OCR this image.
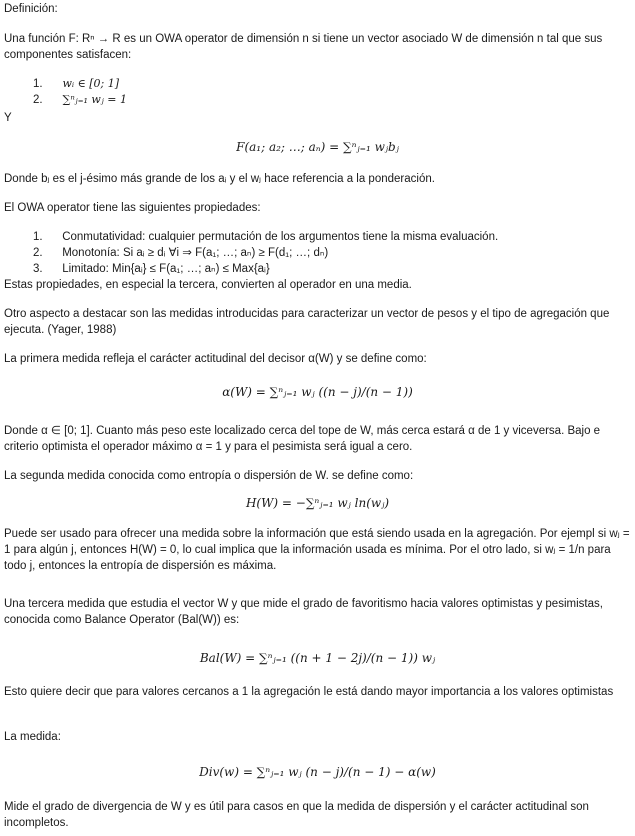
Definición:
Una función F: Rⁿ → R es un OWA operator de dimensión n si tiene un vector asociado W de dimensión n tal que sus componentes satisfacen:
1. wᵢ ∈ [0; 1]
2. ∑ⁿⱼ₌₁ wⱼ = 1
Y
F(a₁; a₂; …; aₙ) = ∑ⁿⱼ₌₁ wⱼbⱼ
Donde bⱼ es el j-ésimo más grande de los aᵢ y el wⱼ hace referencia a la ponderación.
El OWA operator tiene las siguientes propiedades:
1. Conmutatividad: cualquier permutación de los argumentos tiene la misma evaluación.
2. Monotonía: Si aᵢ ≥ dᵢ ∀i ⇒ F(a₁; …; aₙ) ≥ F(d₁; …; dₙ)
3. Limitado: Min{aᵢ} ≤ F(a₁; …; aₙ) ≤ Max{aᵢ}
Estas propiedades, en especial la tercera, convierten al operador en una media.
Otro aspecto a destacar son las medidas introducidas para caracterizar un vector de pesos y el tipo de agregación que ejecuta. (Yager, 1988)
La primera medida refleja el carácter actitudinal del decisor α(W) y se define como:
α(W) = ∑ⁿⱼ₌₁ wⱼ ((n − j)/(n − 1))
Donde α ∈ [0; 1]. Cuanto más peso este localizado cerca del tope de W, más cerca estará α de 1 y viceversa. Bajo e criterio optimista el operador máximo α = 1 y para el pesimista será igual a cero.
La segunda medida conocida como entropía o dispersión de W. se define como:
H(W) = −∑ⁿⱼ₌₁ wⱼ ln(wⱼ)
Puede ser usado para ofrecer una medida sobre la información que está siendo usada en la agregación. Por ejempl si wⱼ = 1 para algún j, entonces H(W) = 0, lo cual implica que la información usada es mínima. Por el otro lado, si wⱼ = 1/n para todo j, entonces la entropía de dispersión es máxima.
Una tercera medida que estudia el vector W y que mide el grado de favoritismo hacia valores optimistas y pesimistas, conocida como Balance Operator (Bal(W)) es:
Bal(W) = ∑ⁿⱼ₌₁ ((n + 1 − 2j)/(n − 1)) wⱼ
Esto quiere decir que para valores cercanos a 1 la agregación le está dando mayor importancia a los valores optimistas
La medida:
Div(w) = ∑ⁿⱼ₌₁ wⱼ (n − j)/(n − 1) − α(w)
Mide el grado de divergencia de W y es útil para casos en que la medida de dispersión y el carácter actitudinal son incompletos.
